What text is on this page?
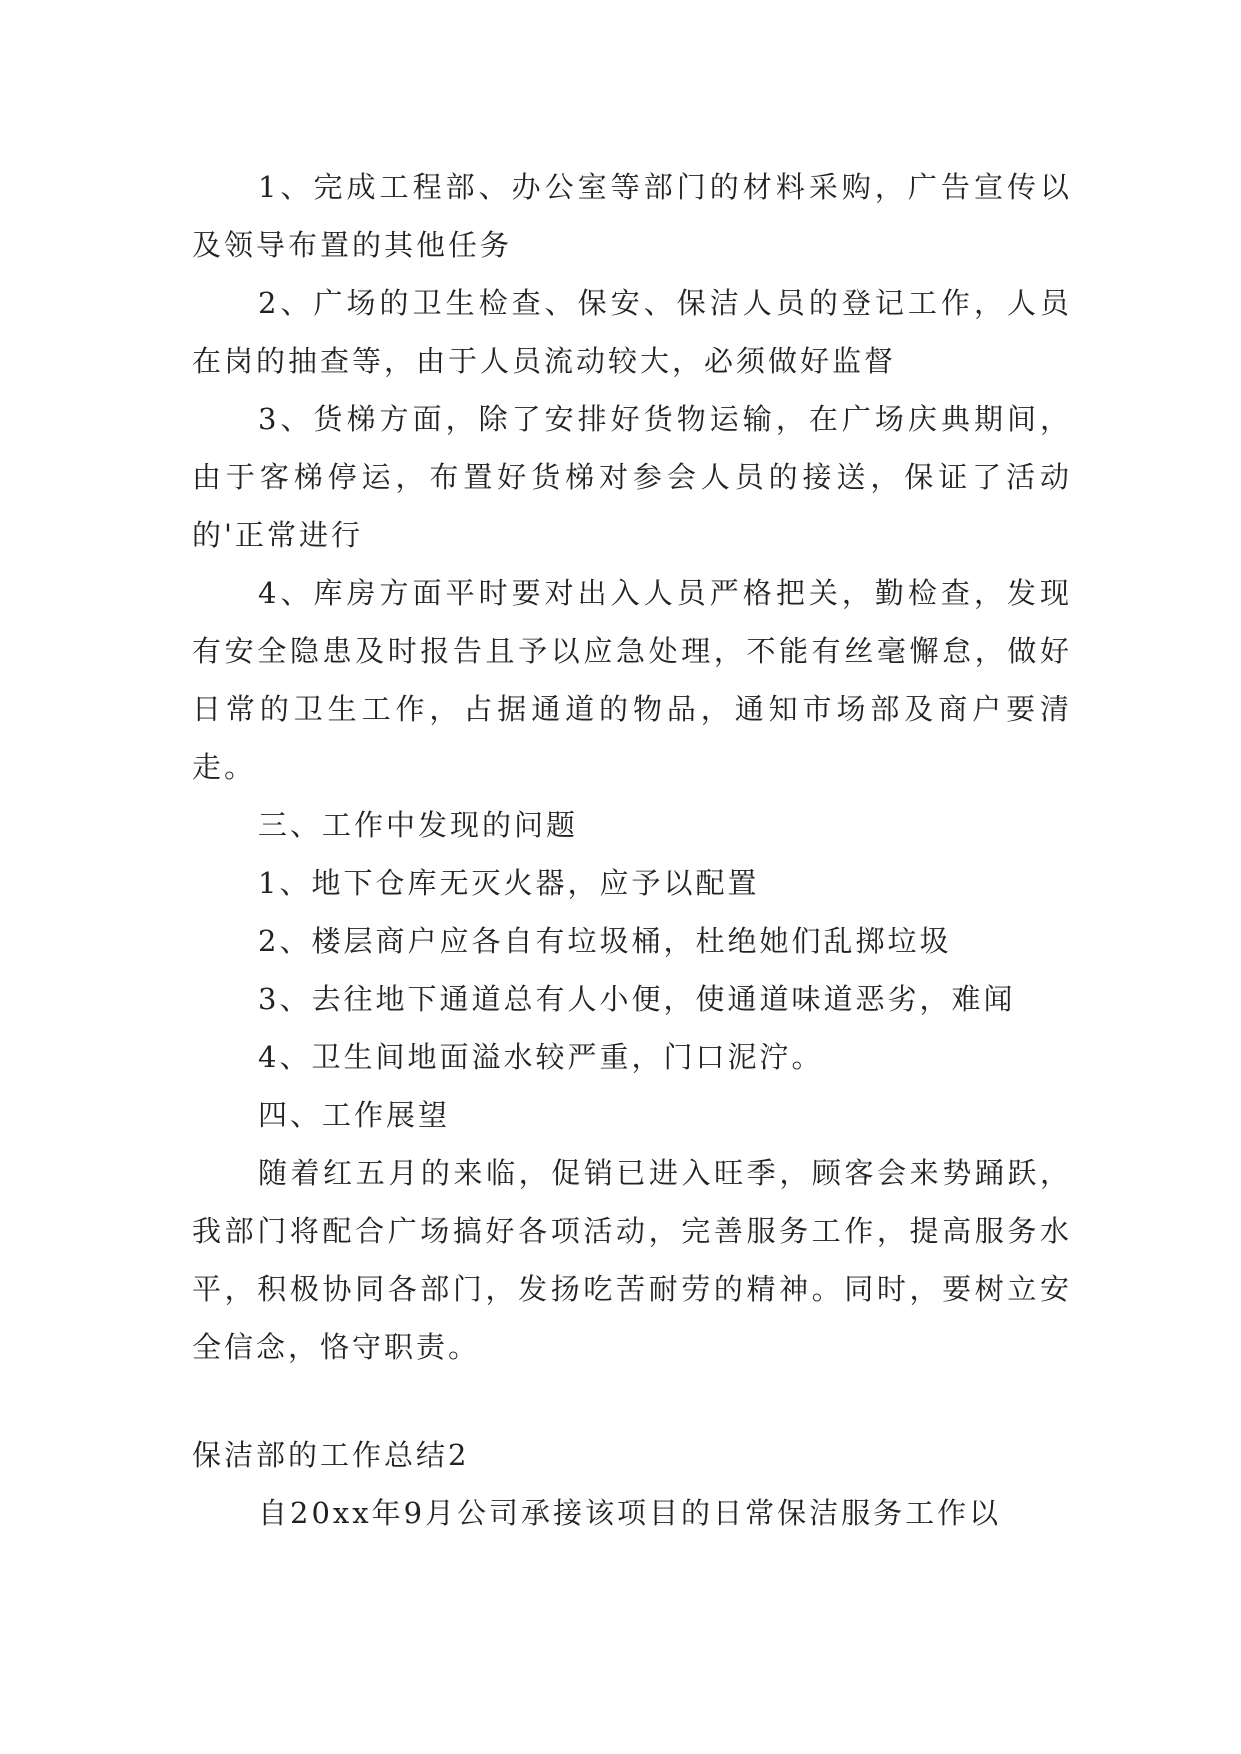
1、完成工程部、办公室等部门的材料采购，广告宣传以及领导布置的其他任务

2、广场的卫生检查、保安、保洁人员的登记工作，人员在岗的抽查等，由于人员流动较大，必须做好监督

3、货梯方面，除了安排好货物运输，在广场庆典期间，由于客梯停运，布置好货梯对参会人员的接送，保证了活动的'正常进行

4、库房方面平时要对出入人员严格把关，勤检查，发现有安全隐患及时报告且予以应急处理，不能有丝毫懈怠，做好日常的卫生工作，占据通道的物品，通知市场部及商户要清走。

三、工作中发现的问题

1、地下仓库无灭火器，应予以配置

2、楼层商户应各自有垃圾桶，杜绝她们乱掷垃圾

3、去往地下通道总有人小便，使通道味道恶劣，难闻

4、卫生间地面溢水较严重，门口泥泞。

四、工作展望

随着红五月的来临，促销已进入旺季，顾客会来势踊跃，我部门将配合广场搞好各项活动，完善服务工作，提高服务水平，积极协同各部门，发扬吃苦耐劳的精神。同时，要树立安全信念，恪守职责。

保洁部的工作总结2

自20xx年9月公司承接该项目的日常保洁服务工作以
